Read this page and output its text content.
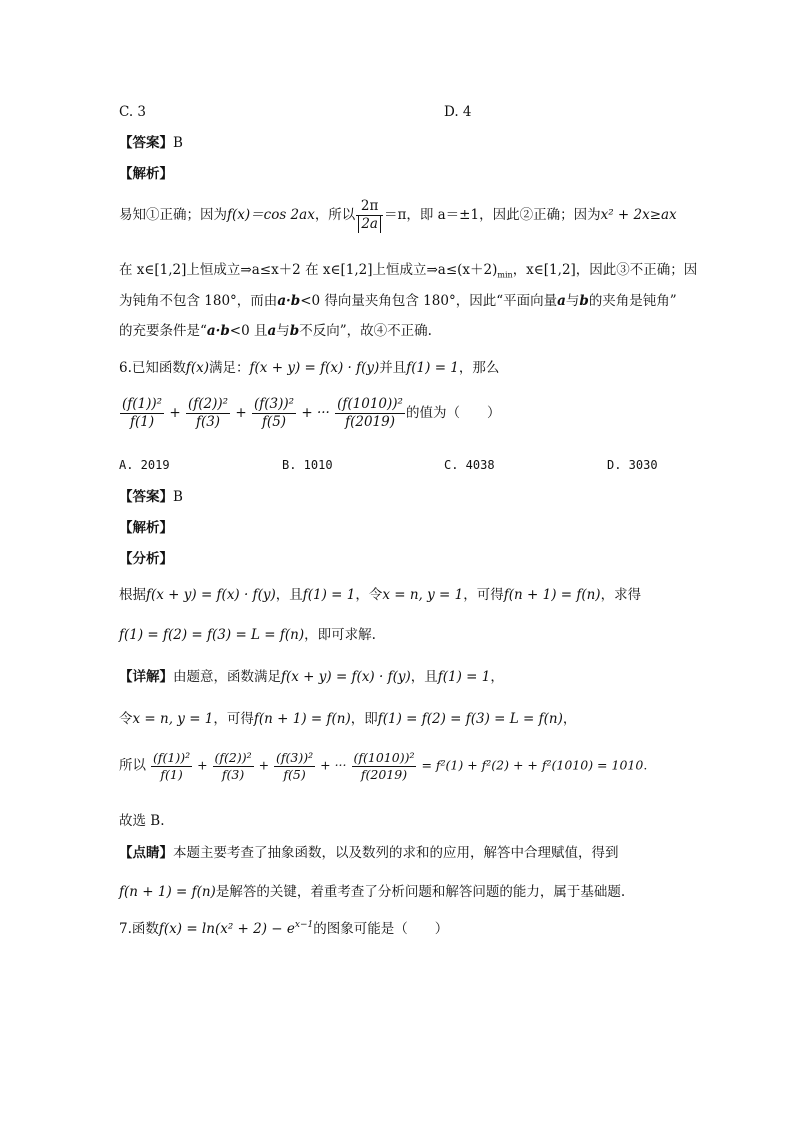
C. 3	D. 4
【答案】B
【解析】
易知①正确；因为f(x)＝cos 2ax，所以 $\frac{2\pi}{2a} =\pi$，即 a＝±1，因此②正确；因为x² + 2x≥ax
在 x∈[1,2]上恒成立⇒a≤x＋2 在 x∈[1,2]上恒成立$\Rightarrow a\le(x+2)_{min}$，x∈[1,2]，因此③不正确；因
为钝角不包含 180°，而由a·b<0 得向量夹角包含 180°，因此“平面向量a与b的夹角是钝角”
的充要条件是“a·b<0 且a与b不反向”，故④不正确.
6.已知函数f(x)满足：f(x + y) = f(x) · f(y)并且f(1) = 1，那么
$\frac{\text{(f(1))²}}{f(1)} + \frac{\text{(f(2))²}}{f(3)} + \frac{\text{(f(3))²}}{f(5)}$ + ··· $\frac{\text{(f(1010))²}}{f(2019)}$ 的值为（　　）
A. 2019	B. 1010	C. 4038	D. 3030
【答案】B
【解析】
【分析】
根据f(x + y) = f(x) · f(y)，且f(1) = 1，令x = n, y = 1，可得f(n + 1) = f(n)，求得
f(1) = f(2) = f(3) = L = f(n)，即可求解.
【详解】由题意，函数满足f(x + y) = f(x) · f(y)，且f(1) = 1，
令x = n, y = 1，可得f(n + 1) = f(n)，即f(1) = f(2) = f(3) = L = f(n)，
所以 $\frac{\text{(f(1))²}}{f(1)} + \frac{\text{(f(2))²}}{f(3)} + \frac{\text{(f(3))²}}{f(5)}$ + ··· $\frac{\text{(f(1010))²}}{f(2019)} = f^2(1) + f^2(2)$ + + f²(1010) = 1010.
故选 B.
【点睛】本题主要考查了抽象函数，以及数列的求和的应用，解答中合理赋值，得到
f(n + 1) = f(n)是解答的关键，着重考查了分析问题和解答问题的能力，属于基础题.
7.函数$f(x) = \ln(x^2 + 2) - e^{x-1}$的图象可能是（　　）
